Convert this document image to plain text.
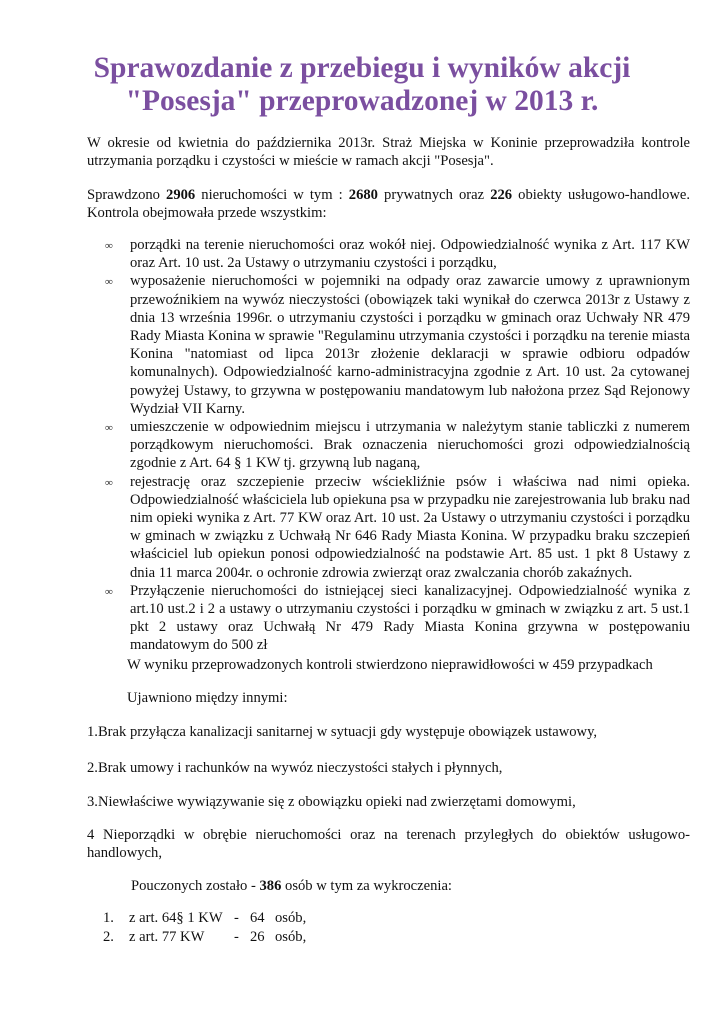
Sprawozdanie z przebiegu i wyników akcji
"Posesja" przeprowadzonej w 2013 r.
W okresie od kwietnia do października 2013r. Straż Miejska w Koninie przeprowadziła kontrole utrzymania porządku i czystości w mieście w ramach akcji "Posesja".
Sprawdzono 2906 nieruchomości w tym : 2680 prywatnych oraz 226 obiekty usługowo-handlowe. Kontrola obejmowała przede wszystkim:
∞ porządki na terenie nieruchomości oraz wokół niej. Odpowiedzialność wynika z Art. 117 KW oraz Art. 10 ust. 2a Ustawy o utrzymaniu czystości i porządku,
∞ wyposażenie nieruchomości w pojemniki na odpady oraz zawarcie umowy z uprawnionym przewoźnikiem na wywóz nieczystości (obowiązek taki wynikał do czerwca 2013r z Ustawy z dnia 13 września 1996r. o utrzymaniu czystości i porządku w gminach oraz Uchwały NR 479 Rady Miasta Konina w sprawie "Regulaminu utrzymania czystości i porządku na terenie miasta Konina "natomiast od lipca 2013r złożenie deklaracji w sprawie odbioru odpadów komunalnych). Odpowiedzialność karno-administracyjna zgodnie z Art. 10 ust. 2a cytowanej powyżej Ustawy, to grzywna w postępowaniu mandatowym lub nałożona przez Sąd Rejonowy Wydział VII Karny.
∞ umieszczenie w odpowiednim miejscu i utrzymania w należytym stanie tabliczki z numerem porządkowym nieruchomości. Brak oznaczenia nieruchomości grozi odpowiedzialnością zgodnie z Art. 64 § 1 KW tj. grzywną lub naganą,
∞ rejestrację oraz szczepienie przeciw wściekliźnie psów i właściwa nad nimi opieka. Odpowiedzialność właściciela lub opiekuna psa w przypadku nie zarejestrowania lub braku nad nim opieki wynika z Art. 77 KW oraz Art. 10 ust. 2a Ustawy o utrzymaniu czystości i porządku w gminach w związku z Uchwałą Nr 646 Rady Miasta Konina. W przypadku braku szczepień właściciel lub opiekun ponosi odpowiedzialność na podstawie Art. 85 ust. 1 pkt 8 Ustawy z dnia 11 marca 2004r. o ochronie zdrowia zwierząt oraz zwalczania chorób zakaźnych.
∞ Przyłączenie nieruchomości do istniejącej sieci kanalizacyjnej. Odpowiedzialność wynika z art.10 ust.2 i 2 a ustawy o utrzymaniu czystości i porządku w gminach w związku z art. 5 ust.1 pkt 2 ustawy oraz Uchwałą Nr 479 Rady Miasta Konina grzywna w postępowaniu mandatowym do 500 zł
W wyniku przeprowadzonych kontroli stwierdzono nieprawidłowości w 459 przypadkach
Ujawniono między innymi:
1.Brak przyłącza kanalizacji sanitarnej w sytuacji gdy występuje obowiązek ustawowy,
2.Brak umowy i rachunków na wywóz nieczystości stałych i płynnych,
3.Niewłaściwe wywiązywanie się z obowiązku opieki nad zwierzętami domowymi,
4 Nieporządki w obrębie nieruchomości oraz na terenach przyległych do obiektów usługowo-handlowych,
Pouczonych zostało - 386 osób w tym za wykroczenia:
1. z art. 64§ 1 KW - 64 osób,
2. z art. 77 KW - 26 osób,
